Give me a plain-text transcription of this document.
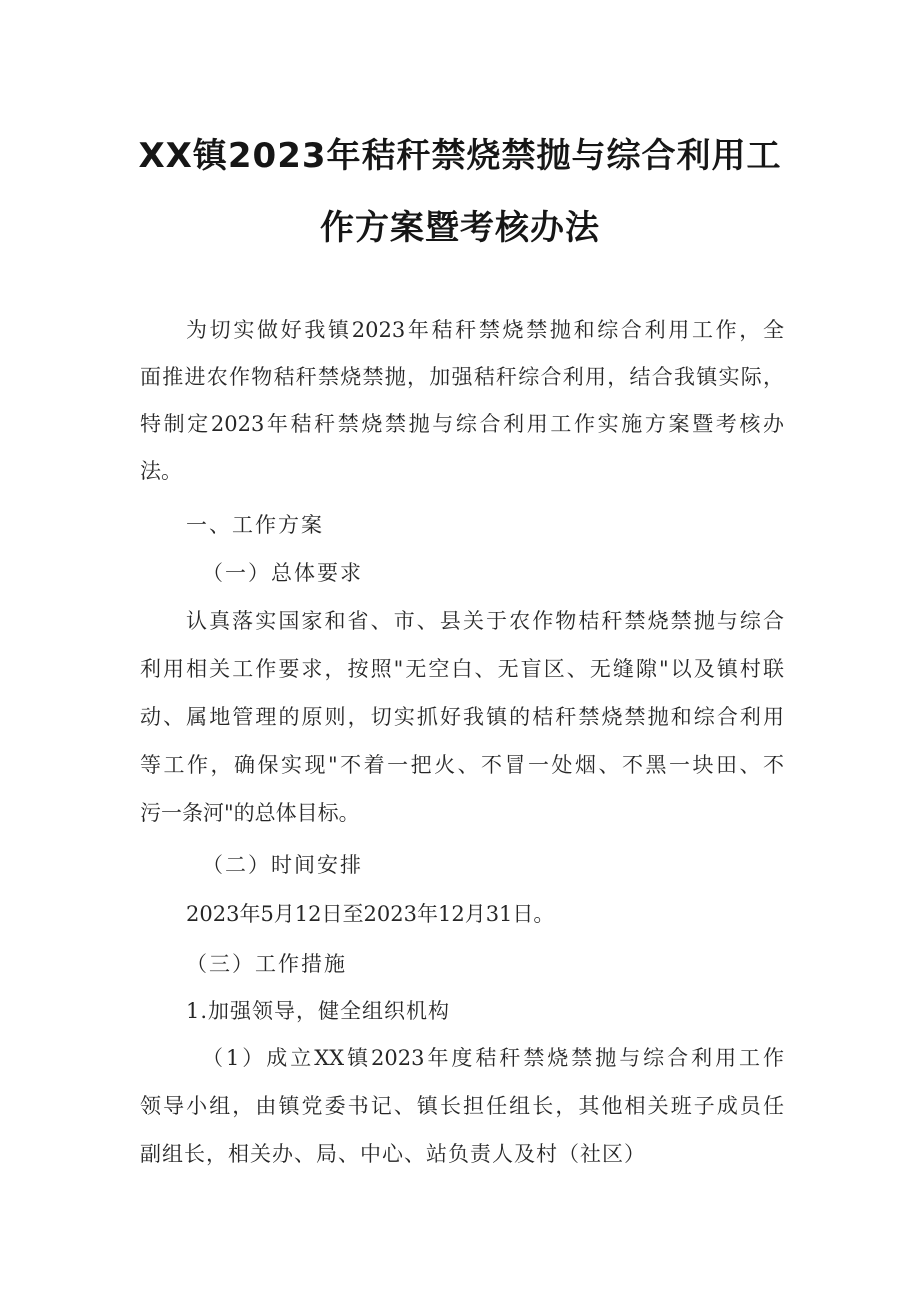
XX镇2023年秸秆禁烧禁抛与综合利用工
作方案暨考核办法
为切实做好我镇2023年秸秆禁烧禁抛和综合利用工作，全
面推进农作物秸秆禁烧禁抛，加强秸秆综合利用，结合我镇实际，
特制定2023年秸秆禁烧禁抛与综合利用工作实施方案暨考核办
法。
一、工作方案
（一）总体要求
认真落实国家和省、市、县关于农作物桔秆禁烧禁抛与综合
利用相关工作要求，按照"无空白、无盲区、无缝隙"以及镇村联
动、属地管理的原则，切实抓好我镇的桔秆禁烧禁抛和综合利用
等工作，确保实现"不着一把火、不冒一处烟、不黑一块田、不
污一条河"的总体目标。
（二）时间安排
2023年5月12日至2023年12月31日。
（三）工作措施
1.加强领导，健全组织机构
（1）成立XX镇2023年度秸秆禁烧禁抛与综合利用工作
领导小组，由镇党委书记、镇长担任组长，其他相关班子成员任
副组长，相关办、局、中心、站负责人及村（社区）
